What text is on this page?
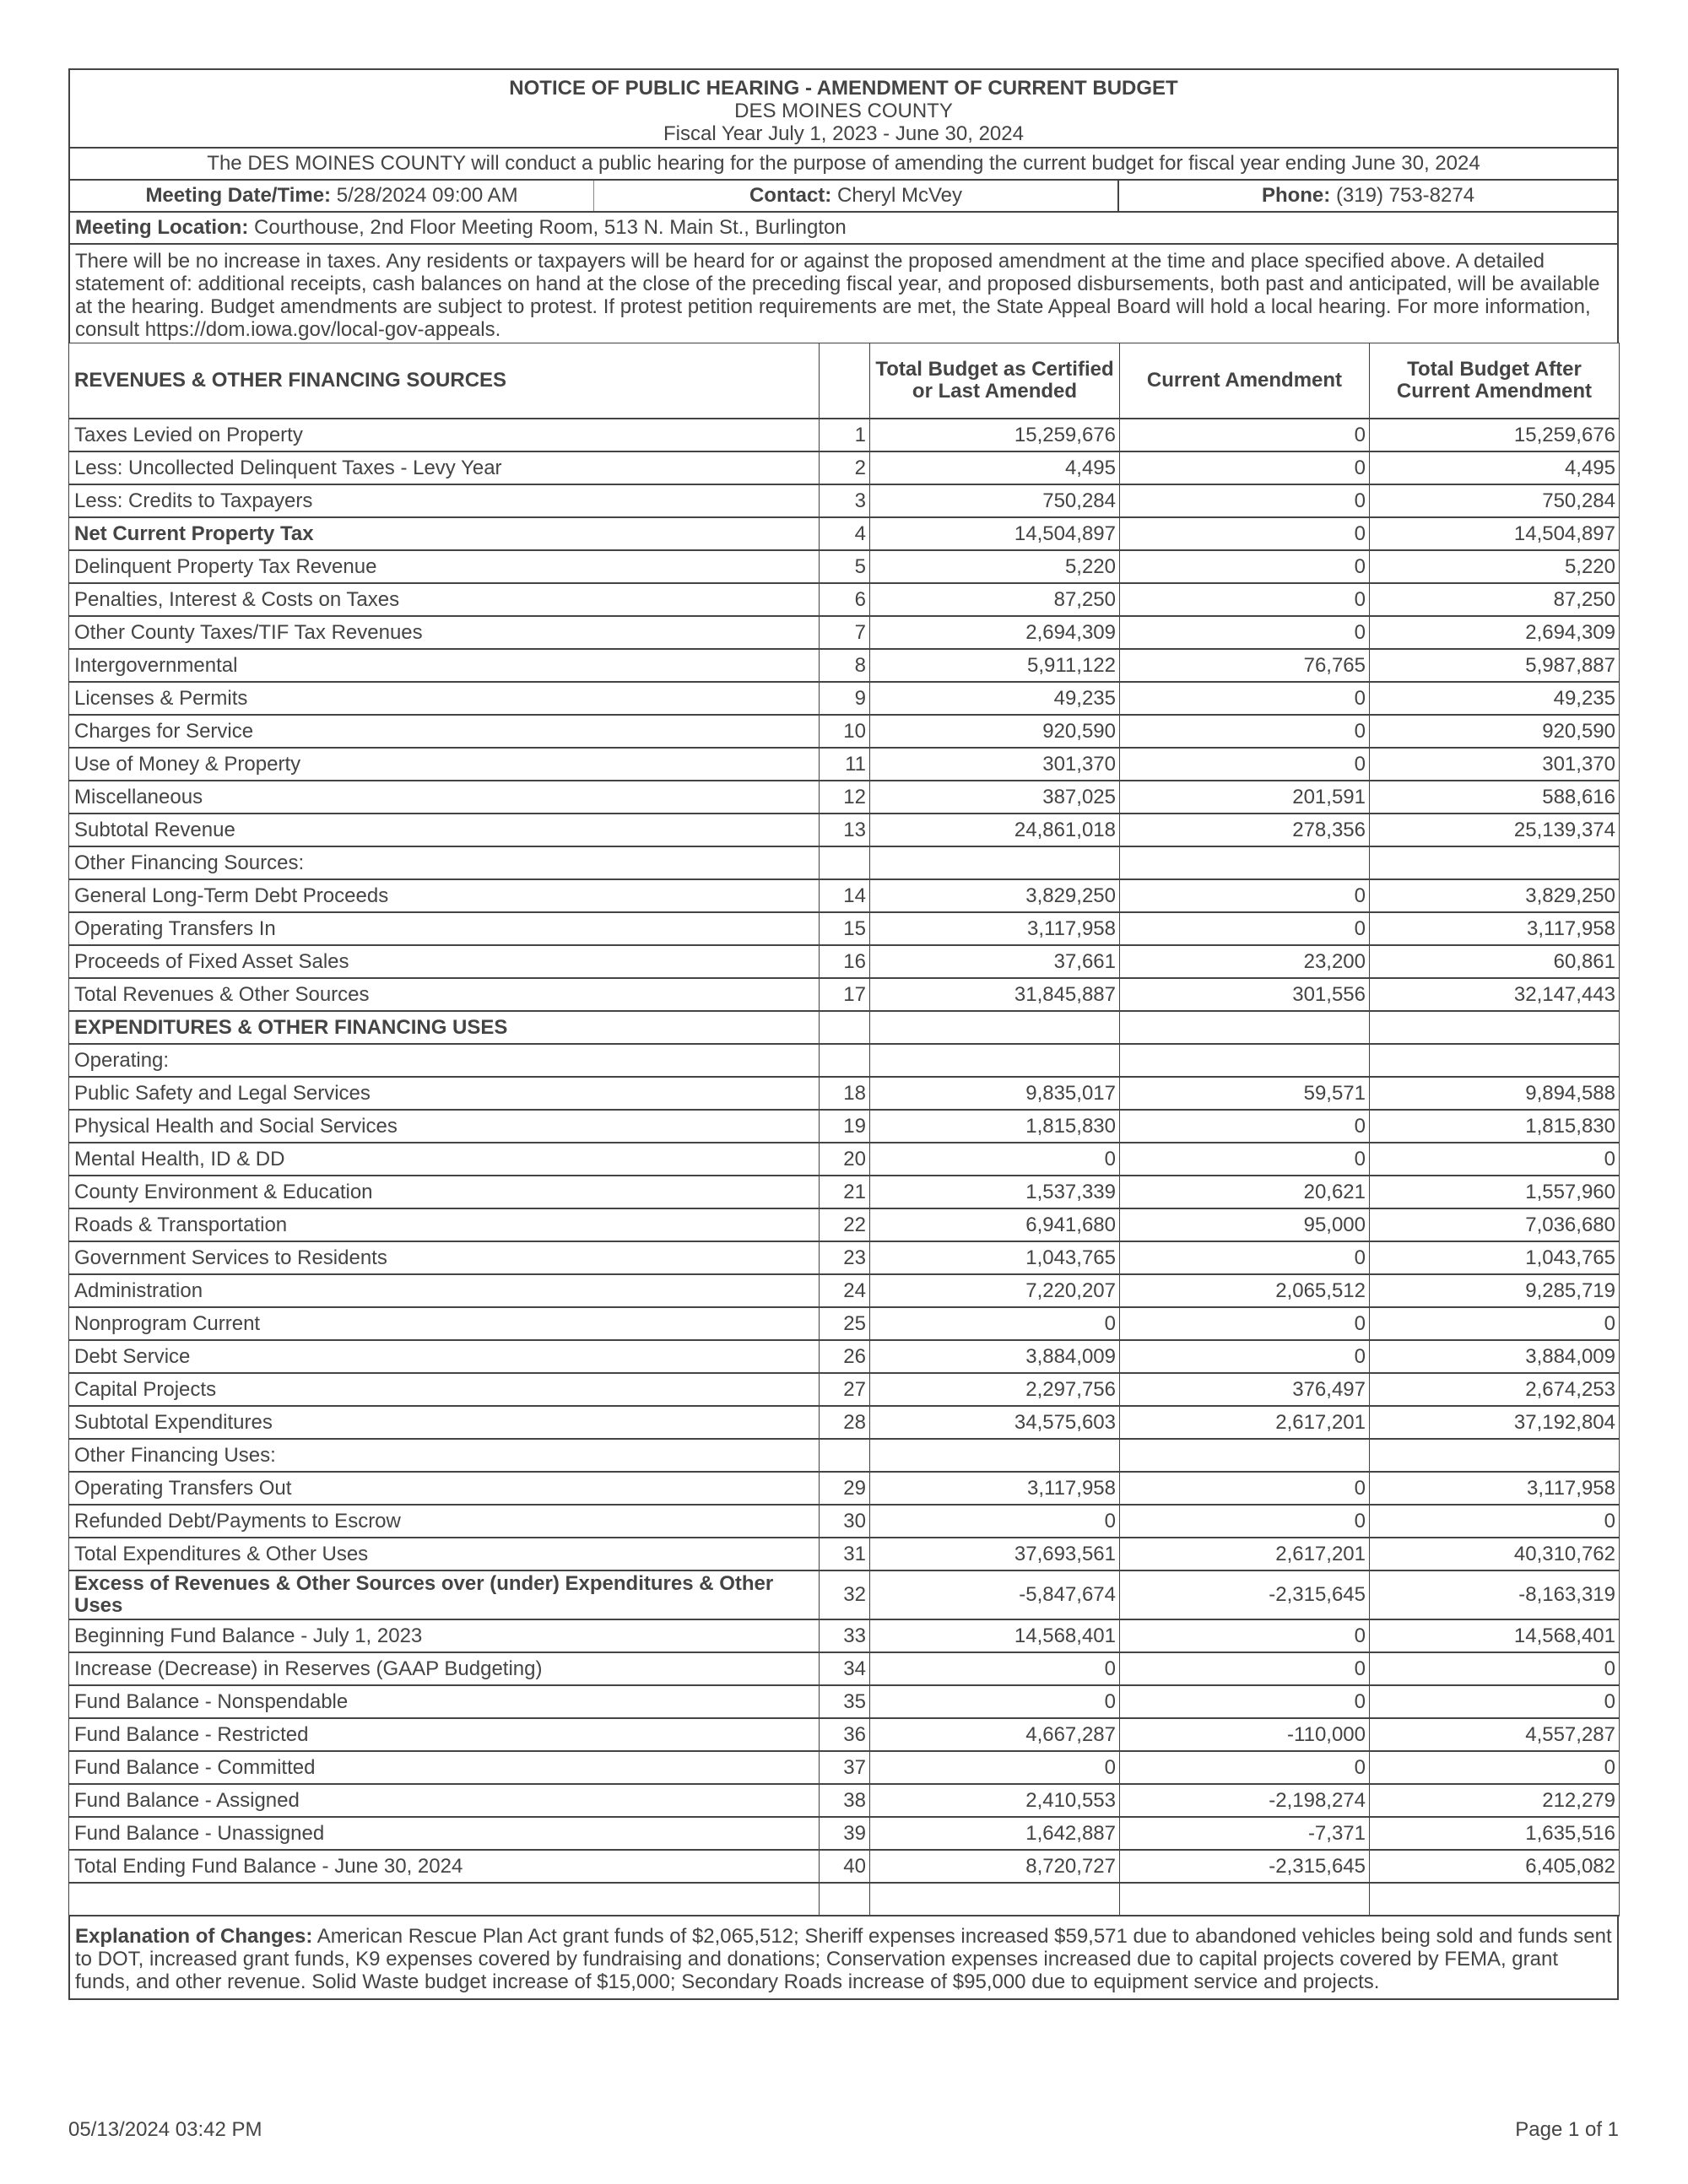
NOTICE OF PUBLIC HEARING - AMENDMENT OF CURRENT BUDGET
DES MOINES COUNTY
Fiscal Year July 1, 2023 - June 30, 2024
The DES MOINES COUNTY will conduct a public hearing for the purpose of amending the current budget for fiscal year ending June 30, 2024
Meeting Date/Time: 5/28/2024 09:00 AM	Contact: Cheryl McVey	Phone: (319) 753-8274
Meeting Location: Courthouse, 2nd Floor Meeting Room, 513 N. Main St., Burlington
There will be no increase in taxes. Any residents or taxpayers will be heard for or against the proposed amendment at the time and place specified above. A detailed statement of: additional receipts, cash balances on hand at the close of the preceding fiscal year, and proposed disbursements, both past and anticipated, will be available at the hearing. Budget amendments are subject to protest. If protest petition requirements are met, the State Appeal Board will hold a local hearing. For more information, consult https://dom.iowa.gov/local-gov-appeals.
REVENUES & OTHER FINANCING SOURCES		Total Budget as Certified or Last Amended	Current Amendment	Total Budget After Current Amendment
Taxes Levied on Property	1	15,259,676	0	15,259,676
Less: Uncollected Delinquent Taxes - Levy Year	2	4,495	0	4,495
Less: Credits to Taxpayers	3	750,284	0	750,284
Net Current Property Tax	4	14,504,897	0	14,504,897
Delinquent Property Tax Revenue	5	5,220	0	5,220
Penalties, Interest & Costs on Taxes	6	87,250	0	87,250
Other County Taxes/TIF Tax Revenues	7	2,694,309	0	2,694,309
Intergovernmental	8	5,911,122	76,765	5,987,887
Licenses & Permits	9	49,235	0	49,235
Charges for Service	10	920,590	0	920,590
Use of Money & Property	11	301,370	0	301,370
Miscellaneous	12	387,025	201,591	588,616
Subtotal Revenue	13	24,861,018	278,356	25,139,374
Other Financing Sources:				
General Long-Term Debt Proceeds	14	3,829,250	0	3,829,250
Operating Transfers In	15	3,117,958	0	3,117,958
Proceeds of Fixed Asset Sales	16	37,661	23,200	60,861
Total Revenues & Other Sources	17	31,845,887	301,556	32,147,443
EXPENDITURES & OTHER FINANCING USES				
Operating:				
Public Safety and Legal Services	18	9,835,017	59,571	9,894,588
Physical Health and Social Services	19	1,815,830	0	1,815,830
Mental Health, ID & DD	20	0	0	0
County Environment & Education	21	1,537,339	20,621	1,557,960
Roads & Transportation	22	6,941,680	95,000	7,036,680
Government Services to Residents	23	1,043,765	0	1,043,765
Administration	24	7,220,207	2,065,512	9,285,719
Nonprogram Current	25	0	0	0
Debt Service	26	3,884,009	0	3,884,009
Capital Projects	27	2,297,756	376,497	2,674,253
Subtotal Expenditures	28	34,575,603	2,617,201	37,192,804
Other Financing Uses:				
Operating Transfers Out	29	3,117,958	0	3,117,958
Refunded Debt/Payments to Escrow	30	0	0	0
Total Expenditures & Other Uses	31	37,693,561	2,617,201	40,310,762
Excess of Revenues & Other Sources over (under) Expenditures & Other Uses	32	-5,847,674	-2,315,645	-8,163,319
Beginning Fund Balance - July 1, 2023	33	14,568,401	0	14,568,401
Increase (Decrease) in Reserves (GAAP Budgeting)	34	0	0	0
Fund Balance - Nonspendable	35	0	0	0
Fund Balance - Restricted	36	4,667,287	-110,000	4,557,287
Fund Balance - Committed	37	0	0	0
Fund Balance - Assigned	38	2,410,553	-2,198,274	212,279
Fund Balance - Unassigned	39	1,642,887	-7,371	1,635,516
Total Ending Fund Balance - June 30, 2024	40	8,720,727	-2,315,645	6,405,082

Explanation of Changes: American Rescue Plan Act grant funds of $2,065,512; Sheriff expenses increased $59,571 due to abandoned vehicles being sold and funds sent to DOT, increased grant funds, K9 expenses covered by fundraising and donations; Conservation expenses increased due to capital projects covered by FEMA, grant funds, and other revenue. Solid Waste budget increase of $15,000; Secondary Roads increase of $95,000 due to equipment service and projects.
05/13/2024 03:42 PM	Page 1 of 1
